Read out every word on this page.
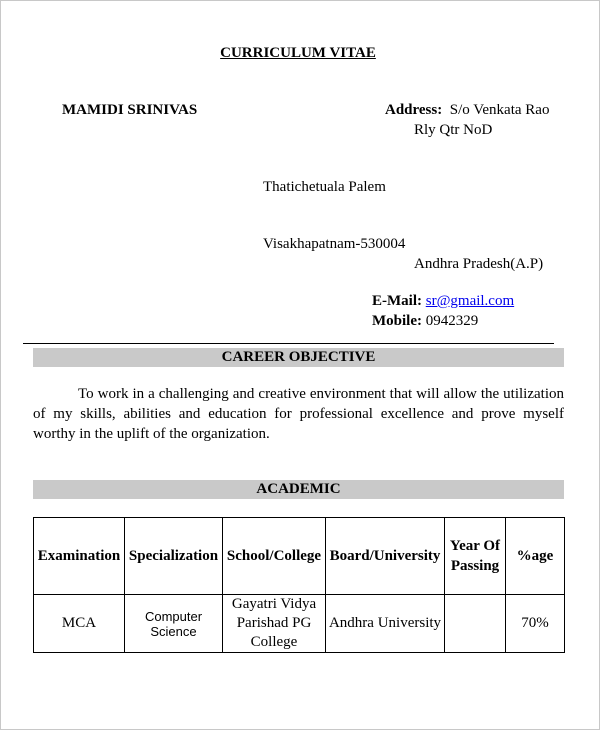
CURRICULUM VITAE
MAMIDI SRINIVAS	Address: S/o Venkata Rao
Rly Qtr NoD
Thatichetuala Palem
Visakhapatnam-530004
Andhra Pradesh(A.P)
E-Mail: sr@gmail.com
Mobile: 0942329
CAREER OBJECTIVE

To work in a challenging and creative environment that will allow the utilization of my skills, abilities and education for professional excellence and prove myself worthy in the uplift of the organization.

ACADEMIC
Examination	Specialization	School/College	Board/University	Year Of Passing	%age
MCA	Computer Science	Gayatri Vidya Parishad PG College	Andhra University		70%
